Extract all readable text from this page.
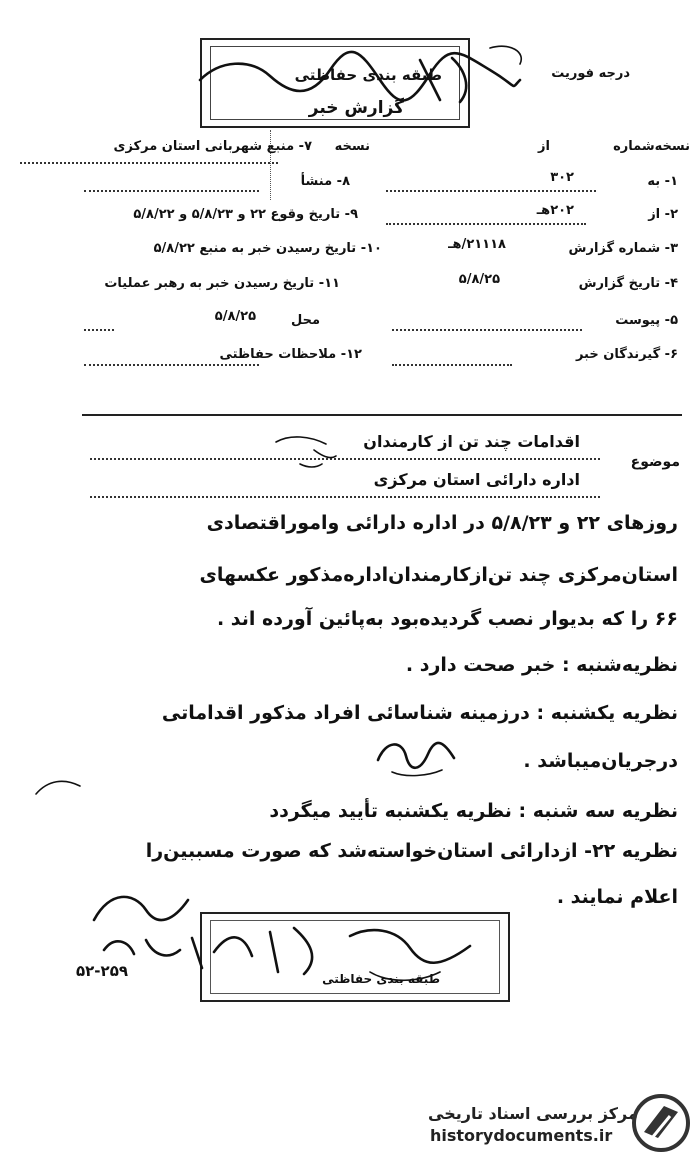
طبقه بندی حفاظتی
گزارش خبر
درجه فوریت
نسخه‌شماره
از
نسخه
۷- منبع شهربانی استان مرکزی
۱- به
۳۰۲
۸- منشأ
۲- از
۲۰۲هـ
۹- تاریخ وقوع ۲۲ و ۵/۸/۲۳ و ۵/۸/۲۲
۳- شماره گزارش
۲۱۱۱۸/هـ
۱۰- تاریخ رسیدن خبر به منبع ۵/۸/۲۲
۴- تاریخ گزارش
۵/۸/۲۵
۱۱- تاریخ رسیدن خبر به رهبر عملیات
۵- پیوست
محل
۵/۸/۲۵
۶- گیرندگان خبر
۱۲- ملاحظات حفاظتی
موضوع
اقدامات چند تن از کارمندان
اداره دارائی استان مرکزی
روزهای ۲۲ و ۵/۸/۲۳ در اداره دارائی واموراقتصادی
استان‌مرکزی چند تن‌ازکارمندان‌اداره‌مذکور عکسهای
۶۶ را که بدیوار نصب گردیده‌بود به‌پائین آورده اند .
نظریه‌شنبه : خبر صحت دارد .
نظریه یکشنبه : درزمینه شناسائی افراد مذکور اقداماتی
درجریان‌میباشد .
نظریه سه شنبه : نظریه یکشنبه تأیید میگردد
نظریه ۲۲- ازدارائی استان‌خواسته‌شد که صورت مسببین‌را
اعلام نمایند .
طبقه بندی حفاظتی
۵۲-۲۵۹
مرکز بررسی اسناد تاریخی
historydocuments.ir
